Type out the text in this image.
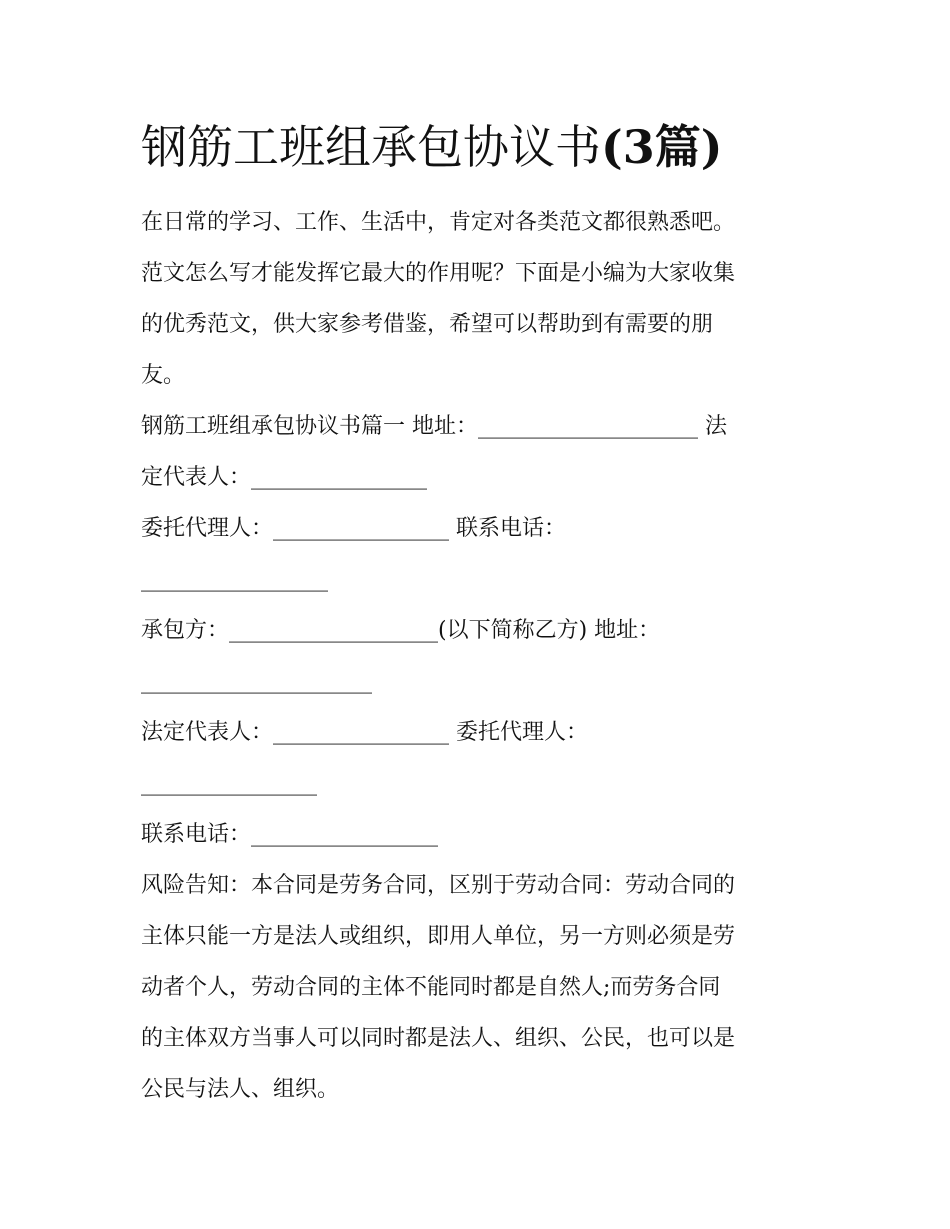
钢筋工班组承包协议书(3篇)
在日常的学习、工作、生活中，肯定对各类范文都很熟悉吧。
范文怎么写才能发挥它最大的作用呢？下面是小编为大家收集
的优秀范文，供大家参考借鉴，希望可以帮助到有需要的朋
友。
钢筋工班组承包协议书篇一 地址：____________________ 法
定代表人：________________
委托代理人：________________ 联系电话：
_________________
承包方：___________________(以下简称乙方) 地址：
_____________________
法定代表人：________________ 委托代理人：
________________
联系电话：_________________
风险告知：本合同是劳务合同，区别于劳动合同：劳动合同的
主体只能一方是法人或组织，即用人单位，另一方则必须是劳
动者个人，劳动合同的主体不能同时都是自然人;而劳务合同
的主体双方当事人可以同时都是法人、组织、公民，也可以是
公民与法人、组织。
